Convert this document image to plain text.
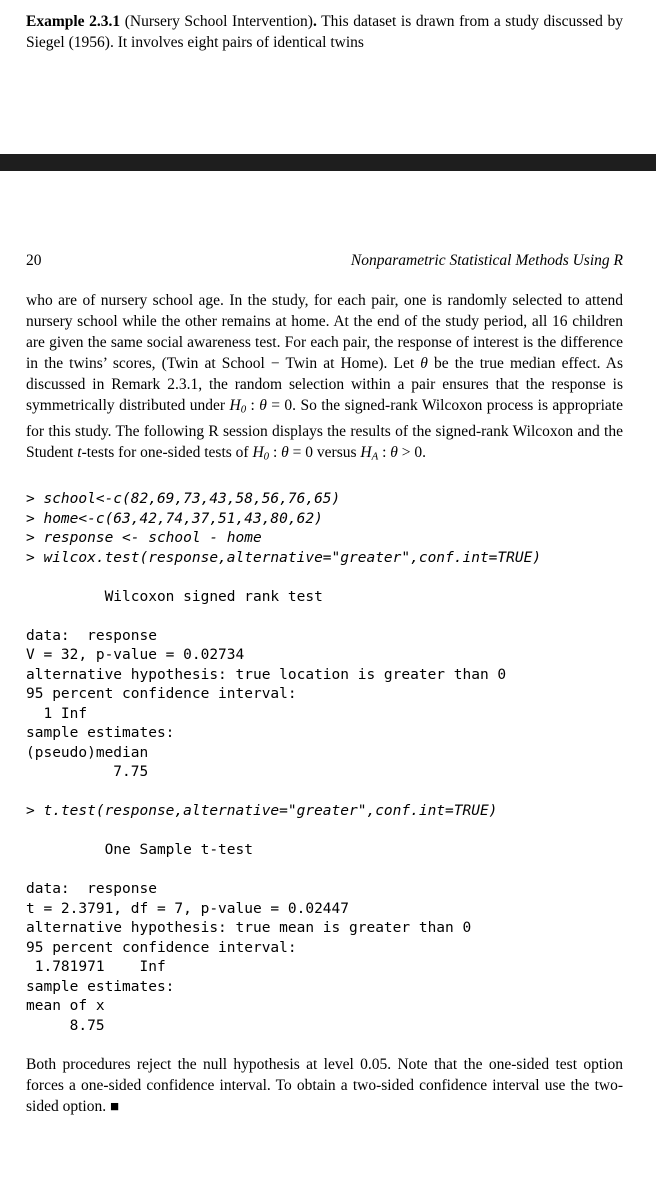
Example 2.3.1 (Nursery School Intervention). This dataset is drawn from a study discussed by Siegel (1956). It involves eight pairs of identical twins
20	Nonparametric Statistical Methods Using R
who are of nursery school age. In the study, for each pair, one is randomly selected to attend nursery school while the other remains at home. At the end of the study period, all 16 children are given the same social awareness test. For each pair, the response of interest is the difference in the twins’ scores, (Twin at School − Twin at Home). Let θ be the true median effect. As discussed in Remark 2.3.1, the random selection within a pair ensures that the response is symmetrically distributed under $H_0$ : θ = 0. So the signed-rank Wilcoxon process is appropriate for this study. The following R session displays the results of the signed-rank Wilcoxon and the Student t-tests for one-sided tests of $H_0$ : θ = 0 versus $H_A$ : θ > 0.
> school<-c(82,69,73,43,58,56,76,65)
> home<-c(63,42,74,37,51,43,80,62)
> response <- school - home
> wilcox.test(response,alternative="greater",conf.int=TRUE)
Wilcoxon signed rank test
data:  response
V = 32, p-value = 0.02734
alternative hypothesis: true location is greater than 0
95 percent confidence interval:
1 Inf
sample estimates:
(pseudo)median
7.75
> t.test(response,alternative="greater",conf.int=TRUE)
One Sample t-test
data:  response
t = 2.3791, df = 7, p-value = 0.02447
alternative hypothesis: true mean is greater than 0
95 percent confidence interval:
1.781971    Inf
sample estimates:
mean of x
8.75
Both procedures reject the null hypothesis at level 0.05. Note that the one-sided test option forces a one-sided confidence interval. To obtain a two-sided confidence interval use the two-sided option. ■
